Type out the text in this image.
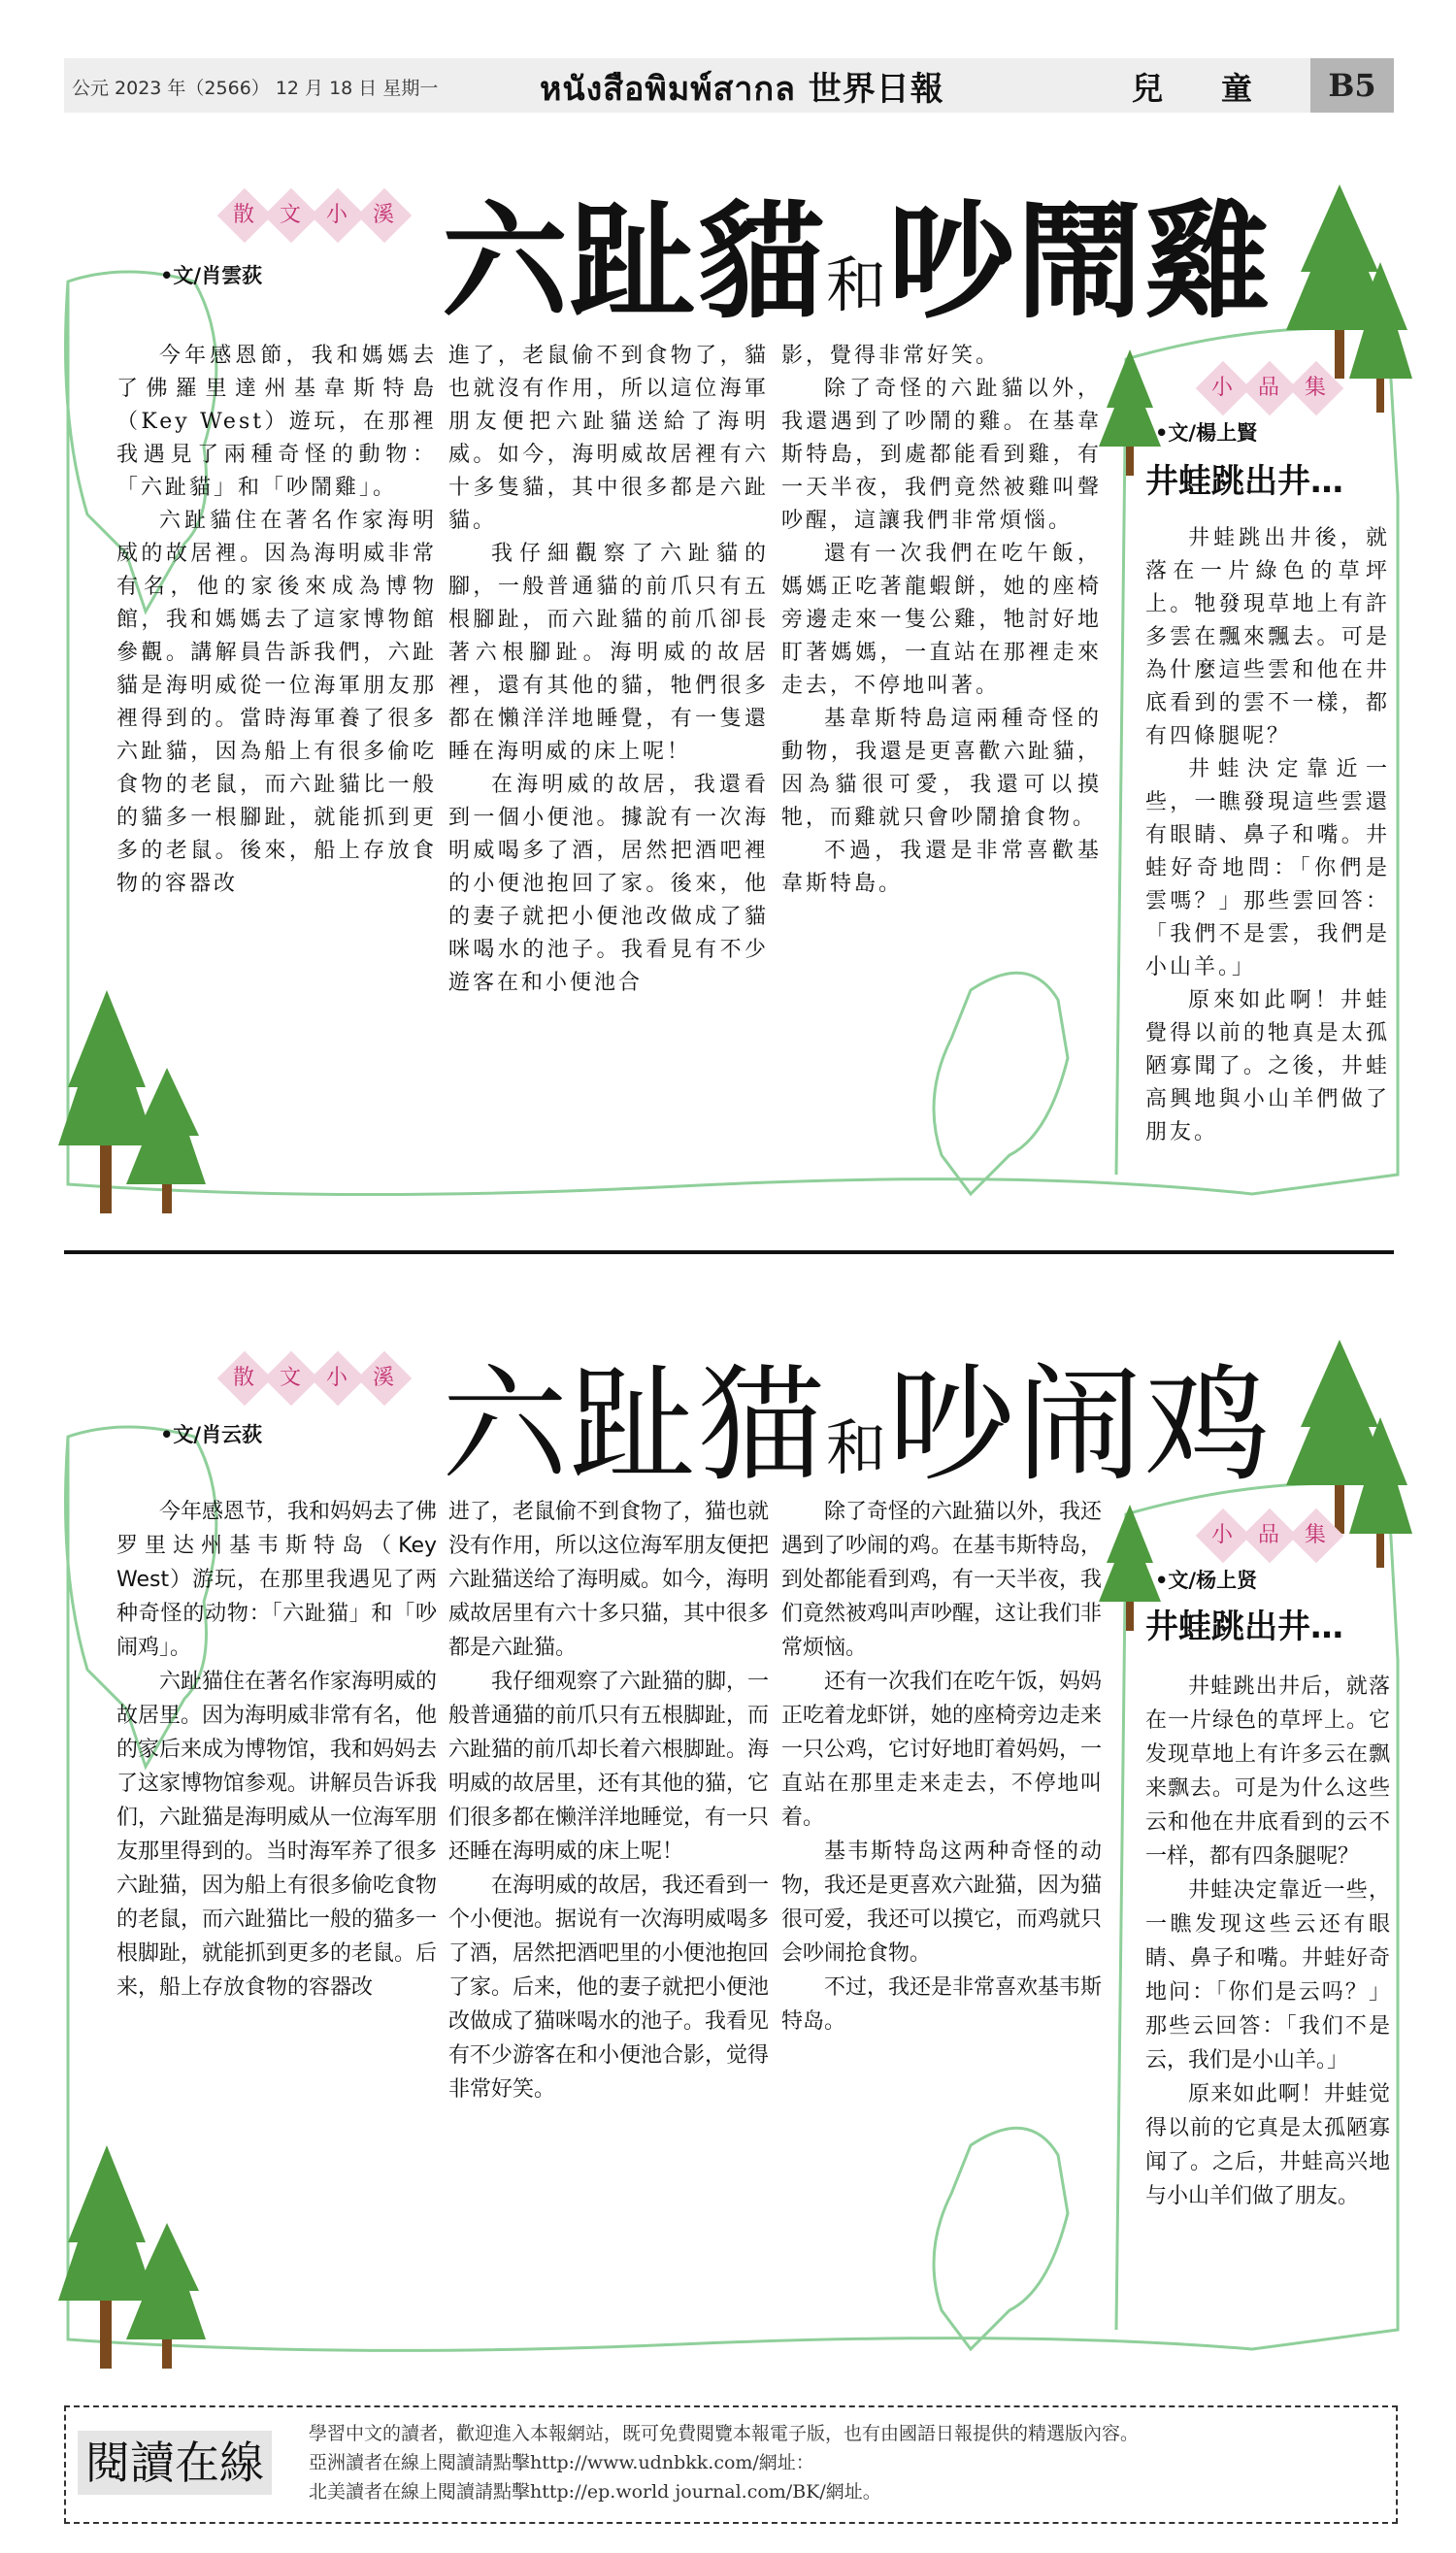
公元 2023 年（2566） 12 月 18 日 星期一	หนังสือพิมพ์สากล 世界日報	兒童 B5
散 文 小 溪 六趾貓和吵鬧雞
•文/肖雲荻

今年感恩節，我和媽媽去了佛羅里達州基韋斯特島（Key West）遊玩，在那裡我遇見了兩種奇怪的動物：「六趾貓」和「吵鬧雞」。

六趾貓住在著名作家海明威的故居裡。因為海明威非常有名，他的家後來成為博物館，我和媽媽去了這家博物館參觀。講解員告訴我們，六趾貓是海明威從一位海軍朋友那裡得到的。當時海軍養了很多六趾貓，因為船上有很多偷吃食物的老鼠，而六趾貓比一般的貓多一根腳趾，就能抓到更多的老鼠。後來，船上存放食物的容器改

進了，老鼠偷不到食物了，貓也就沒有作用，所以這位海軍朋友便把六趾貓送給了海明威。如今，海明威故居裡有六十多隻貓，其中很多都是六趾貓。

我仔細觀察了六趾貓的腳，一般普通貓的前爪只有五根腳趾，而六趾貓的前爪卻長著六根腳趾。海明威的故居裡，還有其他的貓，牠們很多都在懶洋洋地睡覺，有一隻還睡在海明威的床上呢！

在海明威的故居，我還看到一個小便池。據說有一次海明威喝多了酒，居然把酒吧裡的小便池抱回了家。後來，他的妻子就把小便池改做成了貓咪喝水的池子。我看見有不少遊客在和小便池合

影，覺得非常好笑。

除了奇怪的六趾貓以外，我還遇到了吵鬧的雞。在基韋斯特島，到處都能看到雞，有一天半夜，我們竟然被雞叫聲吵醒，這讓我們非常煩惱。

還有一次我們在吃午飯，媽媽正吃著龍蝦餅，她的座椅旁邊走來一隻公雞，牠討好地盯著媽媽，一直站在那裡走來走去，不停地叫著。

基韋斯特島這兩種奇怪的動物，我還是更喜歡六趾貓，因為貓很可愛，我還可以摸牠，而雞就只會吵鬧搶食物。

不過，我還是非常喜歡基韋斯特島。

小 品 集
•文/楊上賢
井蛙跳出井…

井蛙跳出井後，就落在一片綠色的草坪上。牠發現草地上有許多雲在飄來飄去。可是為什麼這些雲和他在井底看到的雲不一樣，都有四條腿呢？

井蛙決定靠近一些，一瞧發現這些雲還有眼睛、鼻子和嘴。井蛙好奇地問：「你們是雲嗎？」那些雲回答：「我們不是雲，我們是小山羊。」

原來如此啊！井蛙覺得以前的牠真是太孤陋寡聞了。之後，井蛙高興地與小山羊們做了朋友。

散 文 小 溪 六趾猫和吵闹鸡
•文/肖云荻

今年感恩节，我和妈妈去了佛罗里达州基韦斯特岛（Key West）游玩，在那里我遇见了两种奇怪的动物：「六趾猫」和「吵闹鸡」。

六趾猫住在著名作家海明威的故居里。因为海明威非常有名，他的家后来成为博物馆，我和妈妈去了这家博物馆参观。讲解员告诉我们，六趾猫是海明威从一位海军朋友那里得到的。当时海军养了很多六趾猫，因为船上有很多偷吃食物的老鼠，而六趾猫比一般的猫多一根脚趾，就能抓到更多的老鼠。后来，船上存放食物的容器改

进了，老鼠偷不到食物了，猫也就没有作用，所以这位海军朋友便把六趾猫送给了海明威。如今，海明威故居里有六十多只猫，其中很多都是六趾猫。

我仔细观察了六趾猫的脚，一般普通猫的前爪只有五根脚趾，而六趾猫的前爪却长着六根脚趾。海明威的故居里，还有其他的猫，它们很多都在懒洋洋地睡觉，有一只还睡在海明威的床上呢！

在海明威的故居，我还看到一个小便池。据说有一次海明威喝多了酒，居然把酒吧里的小便池抱回了家。后来，他的妻子就把小便池改做成了猫咪喝水的池子。我看见有不少游客在和小便池合影，觉得非常好笑。

除了奇怪的六趾猫以外，我还遇到了吵闹的鸡。在基韦斯特岛，到处都能看到鸡，有一天半夜，我们竟然被鸡叫声吵醒，这让我们非常烦恼。

还有一次我们在吃午饭，妈妈正吃着龙虾饼，她的座椅旁边走来一只公鸡，它讨好地盯着妈妈，一直站在那里走来走去，不停地叫着。

基韦斯特岛这两种奇怪的动物，我还是更喜欢六趾猫，因为猫很可爱，我还可以摸它，而鸡就只会吵闹抢食物。

不过，我还是非常喜欢基韦斯特岛。

小 品 集
•文/杨上贤
井蛙跳出井…

井蛙跳出井后，就落在一片绿色的草坪上。它发现草地上有许多云在飘来飘去。可是为什么这些云和他在井底看到的云不一样，都有四条腿呢？

井蛙决定靠近一些，一瞧发现这些云还有眼睛、鼻子和嘴。井蛙好奇地问：「你们是云吗？」那些云回答：「我们不是云，我们是小山羊。」

原来如此啊！井蛙觉得以前的它真是太孤陋寡闻了。之后，井蛙高兴地与小山羊们做了朋友。

閱讀在線
學習中文的讀者，歡迎進入本報網站，既可免費閱覽本報電子版，也有由國語日報提供的精選版內容。
亞洲讀者在線上閱讀請點擊http://www.udnbkk.com/網址：
北美讀者在線上閱讀請點擊http://ep.world journal.com/BK/網址。
